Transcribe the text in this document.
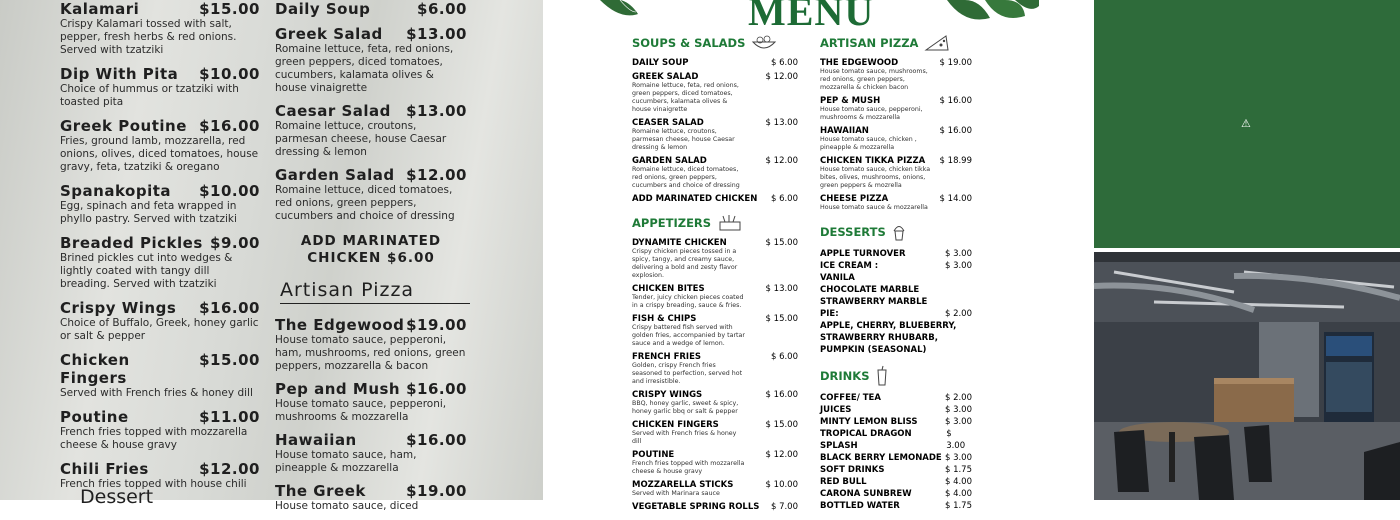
Kalamari	$15.00
Crispy Kalamari tossed with salt, pepper, fresh herbs & red onions. Served with tzatziki
Dip With Pita $10.00
Choice of hummus or tzatziki with toasted pita
Greek Poutine $16.00
Fries, ground lamb, mozzarella, red onions, olives, diced tomatoes, house gravy, feta, tzatziki & oregano
Spanakopita $10.00
Egg, spinach and feta wrapped in phyllo pastry. Served with tzatziki
Breaded Pickles $9.00
Brined pickles cut into wedges & lightly coated with tangy dill breading. Served with tzatziki
Crispy Wings $16.00
Choice of Buffalo, Greek, honey garlic or salt & pepper
Chicken Fingers
$15.00
Served with French fries & honey dill
Poutine	$11.00
French fries topped with mozzarella cheese & house gravy
Chili Fries	$12.00
French fries topped with house chili
Daily Soup	$6.00
Greek Salad $13.00
Romaine lettuce, feta, red onions, green peppers, diced tomatoes, cucumbers, kalamata olives & house vinaigrette
Caesar Salad $13.00
Romaine lettuce, croutons, parmesan cheese, house Caesar dressing & lemon
Garden Salad $12.00
Romaine lettuce, diced tomatoes, red onions, green peppers, cucumbers and choice of dressing
ADD MARINATED
CHICKEN $6.00
Artisan Pizza
The Edgewood $19.00
House tomato sauce, pepperoni, ham, mushrooms, red onions, green peppers, mozzarella & bacon
Pep and Mush $16.00
House tomato sauce, pepperoni, mushrooms & mozzarella
Hawaiian	$16.00
House tomato sauce, ham, pineapple & mozzarella
The Greek	$19.00
House tomato sauce, diced
Dessert
MENU
SOUPS & SALADS
DAILY SOUP	$ 6.00
GREEK SALAD	$ 12.00
Romaine lettuce, feta, red onions, green peppers, diced tomatoes, cucumbers, kalamata olives & house vinaigrette
CEASER SALAD	$ 13.00
Romaine lettuce, croutons, parmesan cheese, house Caesar dressing & lemon
GARDEN SALAD	$ 12.00
Romaine lettuce, diced tomatoes, red onions, green peppers, cucumbers and choice of dressing
ADD MARINATED CHICKEN $ 6.00
APPETIZERS
DYNAMITE CHICKEN	$ 15.00
Crispy chicken pieces tossed in a spicy, tangy, and creamy sauce, delivering a bold and zesty flavor explosion.
CHICKEN BITES	$ 13.00
Tender, juicy chicken pieces coated in a crispy breading, sauce & fries.
FISH & CHIPS	$ 15.00
Crispy battered fish served with golden fries, accompanied by tartar sauce and a wedge of lemon.
FRENCH FRIES	$ 6.00
Golden, crispy French fries seasoned to perfection, served hot and irresistible.
CRISPY WINGS	$ 16.00
BBQ, honey garlic, sweet & spicy, honey garlic bbq or salt & pepper
CHICKEN FINGERS	$ 15.00
Served with French fries & honey dill
POUTINE	$ 12.00
French fries topped with mozzarella cheese & house gravy
MOZZARELLA STICKS	$ 10.00
Served with Marinara sauce
VEGETABLE SPRING ROLLS $ 7.00
ARTISAN PIZZA
THE EDGEWOOD	$ 19.00
House tomato sauce, mushrooms, red onions, green peppers, mozzarella & chicken bacon
PEP & MUSH	$ 16.00
House tomato sauce, pepperoni, mushrooms & mozzarella
HAWAIIAN	$ 16.00
House tomato sauce, chicken , pineapple & mozzarella
CHICKEN TIKKA PIZZA $ 18.99
House tomato sauce, chicken tikka bites, olives, mushrooms, onions, green peppers & mozrella
CHEESE PIZZA	$ 14.00
House tomato sauce & mozzarella
DESSERTS
APPLE TURNOVER	$ 3.00
ICE CREAM :	$ 3.00
VANILA
CHOCOLATE MARBLE
STRAWBERRY MARBLE
PIE:	$ 2.00
APPLE, CHERRY, BLUEBERRY,
STRAWBERRY RHUBARB,
PUMPKIN (SEASONAL)
DRINKS
COFFEE/ TEA	$ 2.00
JUICES	$ 3.00
MINTY LEMON BLISS	$ 3.00
TROPICAL DRAGON SPLASH
$ 3.00
BLACK BERRY LEMONADE $ 3.00
SOFT DRINKS	$ 1.75
RED BULL	$ 4.00
CARONA SUNBREW	$ 4.00
BOTTLED WATER	$ 1.75
⚠
